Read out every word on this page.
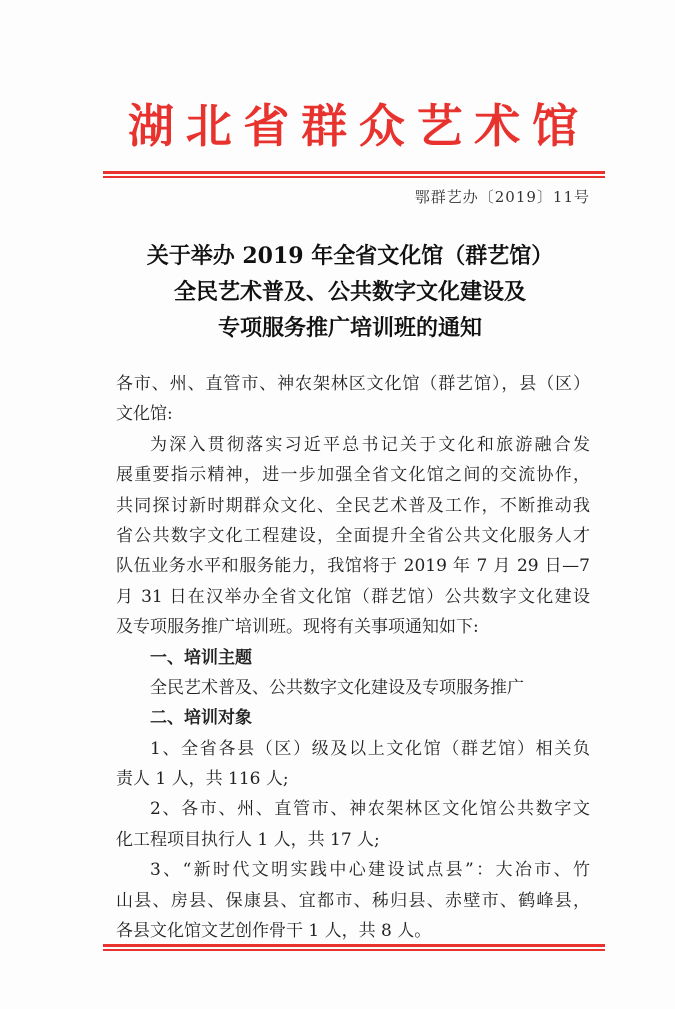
湖北省群众艺术馆
鄂群艺办〔2019〕11号
关于举办 2019 年全省文化馆（群艺馆）
全民艺术普及、公共数字文化建设及
专项服务推广培训班的通知
各市、州、直管市、神农架林区文化馆（群艺馆），县（区）
文化馆:
为深入贯彻落实习近平总书记关于文化和旅游融合发
展重要指示精神，进一步加强全省文化馆之间的交流协作，
共同探讨新时期群众文化、全民艺术普及工作，不断推动我
省公共数字文化工程建设，全面提升全省公共文化服务人才
队伍业务水平和服务能力，我馆将于 2019 年 7 月 29 日—7
月 31 日在汉举办全省文化馆（群艺馆）公共数字文化建设
及专项服务推广培训班。现将有关事项通知如下:
一、培训主题
全民艺术普及、公共数字文化建设及专项服务推广
二、培训对象
1、全省各县（区）级及以上文化馆（群艺馆）相关负
责人 1 人，共 116 人;
2、各市、州、直管市、神农架林区文化馆公共数字文
化工程项目执行人 1 人，共 17 人;
3、“新时代文明实践中心建设试点县”：大冶市、竹
山县、房县、保康县、宜都市、秭归县、赤壁市、鹤峰县，
各县文化馆文艺创作骨干 1 人，共 8 人。
